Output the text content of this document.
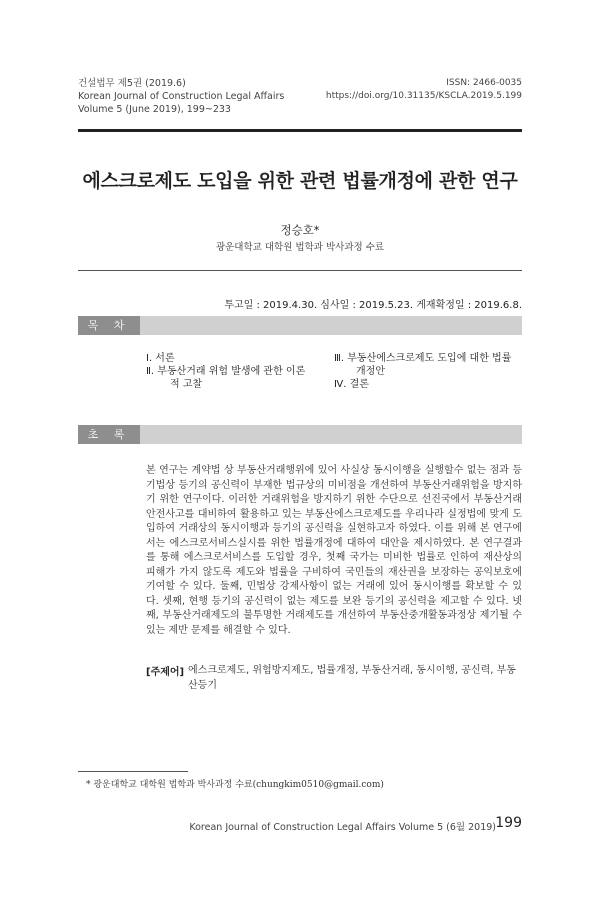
건설법무 제5권 (2019.6)
Korean Journal of Construction Legal Affairs
Volume 5 (June 2019), 199~233
ISSN: 2466-0035
https://doi.org/10.31135/KSCLA.2019.5.199
에스크로제도 도입을 위한 관련 법률개정에 관한 연구
정승호*
광운대학교 대학원 법학과 박사과정 수료
투고일 : 2019.4.30. 심사일 : 2019.5.23. 게재확정일 : 2019.6.8.
목 차
Ⅰ. 서론
Ⅱ. 부동산거래 위험 발생에 관한 이론
적 고찰
Ⅲ. 부동산에스크로제도 도입에 대한 법률
개정안
Ⅳ. 결론
초 록

본 연구는 계약법 상 부동산거래행위에 있어 사실상 동시이행을 실행할수 없는 점과 등기법상 등기의 공신력이 부재한 법규상의 미비점을 개선하여 부동산거래위험을 방지하기 위한 연구이다. 이러한 거래위험을 방지하기 위한 수단으로 선진국에서 부동산거래 안전사고를 대비하여 활용하고 있는 부동산에스크로제도를 우리나라 실정법에 맞게 도입하여 거래상의 동시이행과 등기의 공신력을 실현하고자 하였다. 이를 위해 본 연구에서는 에스크로서비스실시를 위한 법률개정에 대하여 대안을 제시하였다. 본 연구결과를 통해 에스크로서비스를 도입할 경우, 첫째 국가는 미비한 법률로 인하여 재산상의 피해가 가지 않도록 제도와 법률을 구비하여 국민들의 재산권을 보장하는 공익보호에 기여할 수 있다. 둘째, 민법상 강제사항이 없는 거래에 있어 동시이행를 확보할 수 있다. 셋째, 현행 등기의 공신력이 없는 제도를 보완 등기의 공신력을 제고할 수 있다. 넷째, 부동산거래제도의 불투명한 거래제도를 개선하여 부동산중개활동과정상 제기될 수 있는 제반 문제를 해결할 수 있다.

[주제어] 에스크로제도, 위험방지제도, 법률개정, 부동산거래, 동시이행, 공신력, 부동산등기

* 광운대학교 대학원 법학과 박사과정 수료(chungkim0510@gmail.com)
Korean Journal of Construction Legal Affairs Volume 5 (6월 2019) 199
